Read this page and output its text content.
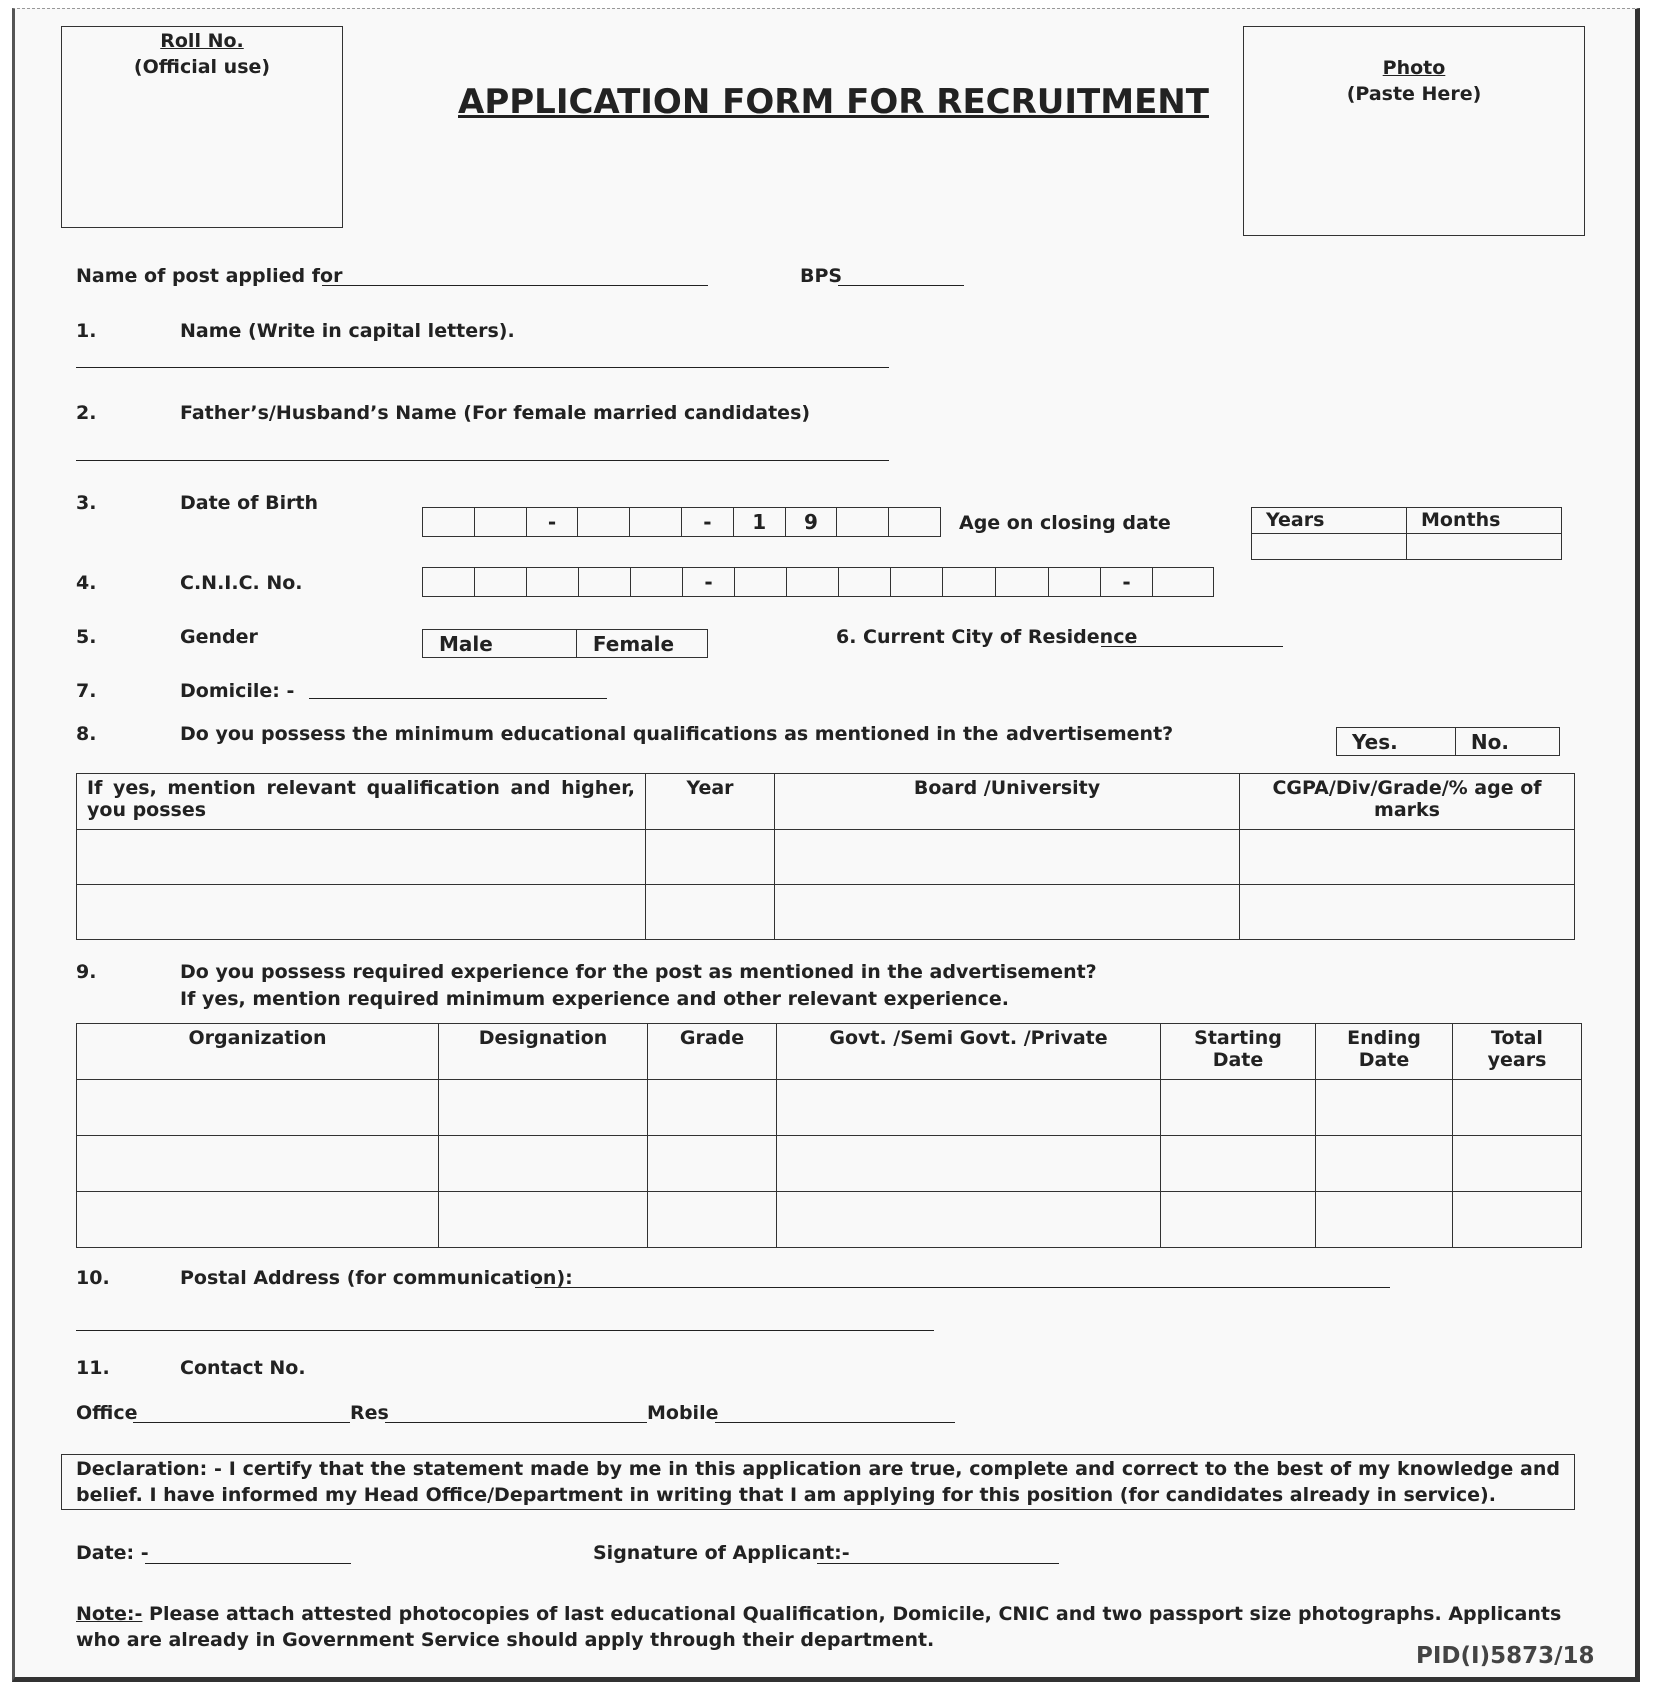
Roll No.
(Official use)
APPLICATION FORM FOR RECRUITMENT
Photo
(Paste Here)
Name of post applied for	BPS
1.	Name (Write in capital letters).
2.	Father’s/Husband’s Name (For female married candidates)
3.	Date of Birth
-	-	1	9	Age on closing date	Years	Months

4.	C.N.I.C. No.	-	-
5.	Gender	Male	Female	6. Current City of Residence
7.	Domicile: -
8.	Do you possess the minimum educational qualifications as mentioned in the advertisement?	Yes.	No.
If yes, mention relevant qualification and higher, you posses	Year	Board /University	CGPA/Div/Grade/% age of marks

9.	Do you possess required experience for the post as mentioned in the advertisement?
If yes, mention required minimum experience and other relevant experience.
Organization	Designation	Grade	Govt. /Semi Govt. /Private	Starting Date	Ending Date	Total years

10.	Postal Address (for communication):
11.	Contact No.
Office	Res	Mobile
Declaration: - I certify that the statement made by me in this application are true, complete and correct to the best of my knowledge and belief. I have informed my Head Office/Department in writing that I am applying for this position (for candidates already in service).
Date: -	Signature of Applicant:-
Note:- Please attach attested photocopies of last educational Qualification, Domicile, CNIC and two passport size photographs. Applicants who are already in Government Service should apply through their department.
PID(I)5873/18
